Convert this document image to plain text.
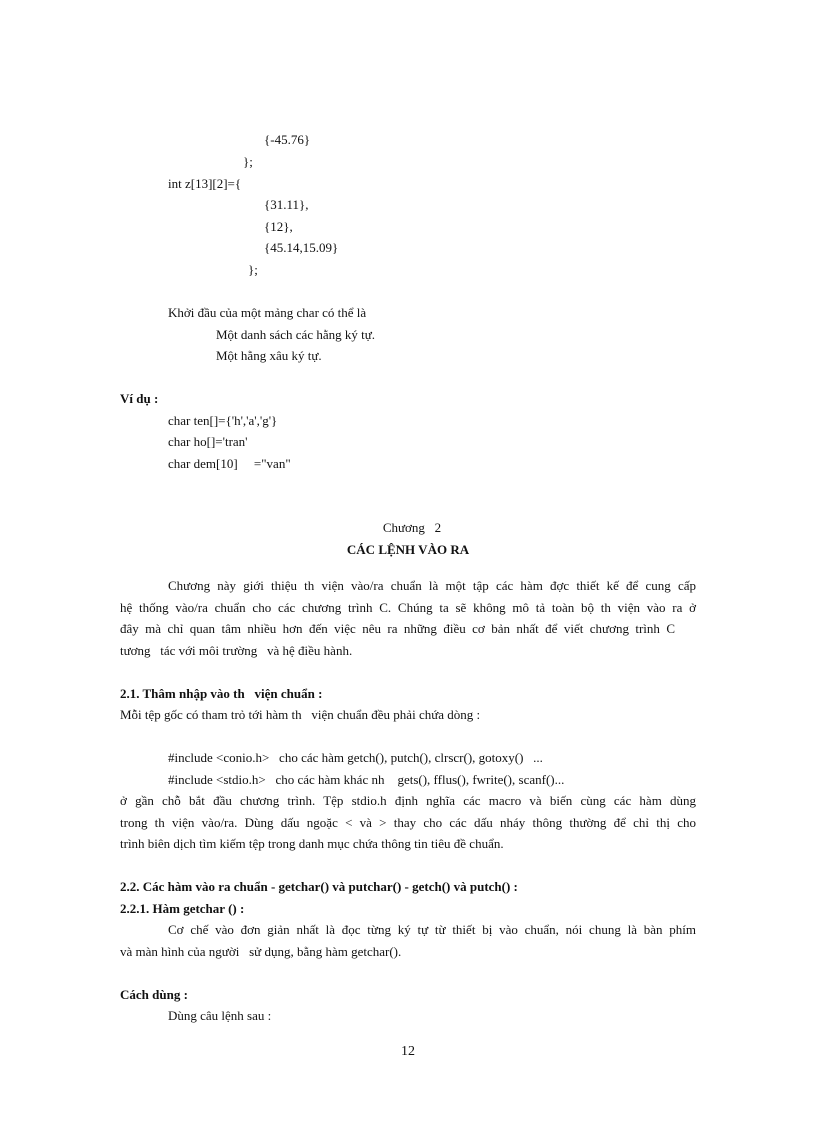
{-45.76}
};
int z[13][2]={
{31.11},
{12},
{45.14,15.09}
};
Khởi đầu của một mảng char có thể là
Một danh sách các hằng ký tự.
Một hằng xâu ký tự.
Ví dụ :
char ten[]={'h','a','g'}
char ho[]='tran'
char dem[10]     ="van"
Chương   2
CÁC LỆNH VÀO RA
Chương này giới thiệu th viện vào/ra chuẩn là một tập các hàm đợc thiết kế để cung cấp
hệ thống vào/ra chuẩn cho các chương trình C. Chúng ta sẽ không mô tả toàn bộ th viện vào ra ở
đây mà chỉ quan tâm nhiều hơn đến việc nêu ra những điều cơ bản nhất để viết chương trình C
tương   tác với môi trường   và hệ điều hành.
2.1. Thâm nhập vào th   viện chuẩn :
Mỗi tệp gốc có tham trỏ tới hàm th   viện chuẩn đều phải chứa dòng :
#include <conio.h>   cho các hàm getch(), putch(), clrscr(), gotoxy()   ...
#include <stdio.h>   cho các hàm khác nh    gets(), fflus(), fwrite(), scanf()...
ở gần chỗ bắt đầu chương trình. Tệp stdio.h định nghĩa các macro và biến cùng các hàm dùng
trong th viện vào/ra. Dùng dấu ngoặc < và > thay cho các dấu nháy thông thường để chỉ thị cho
trình biên dịch tìm kiếm tệp trong danh mục chứa thông tin tiêu đề chuẩn.
2.2. Các hàm vào ra chuẩn - getchar() và putchar() - getch() và putch() :
2.2.1. Hàm getchar () :
Cơ chế vào đơn giản nhất là đọc từng ký tự từ thiết bị vào chuẩn, nói chung là bàn phím
và màn hình của người   sử dụng, bằng hàm getchar().
Cách dùng :
Dùng câu lệnh sau :
12
